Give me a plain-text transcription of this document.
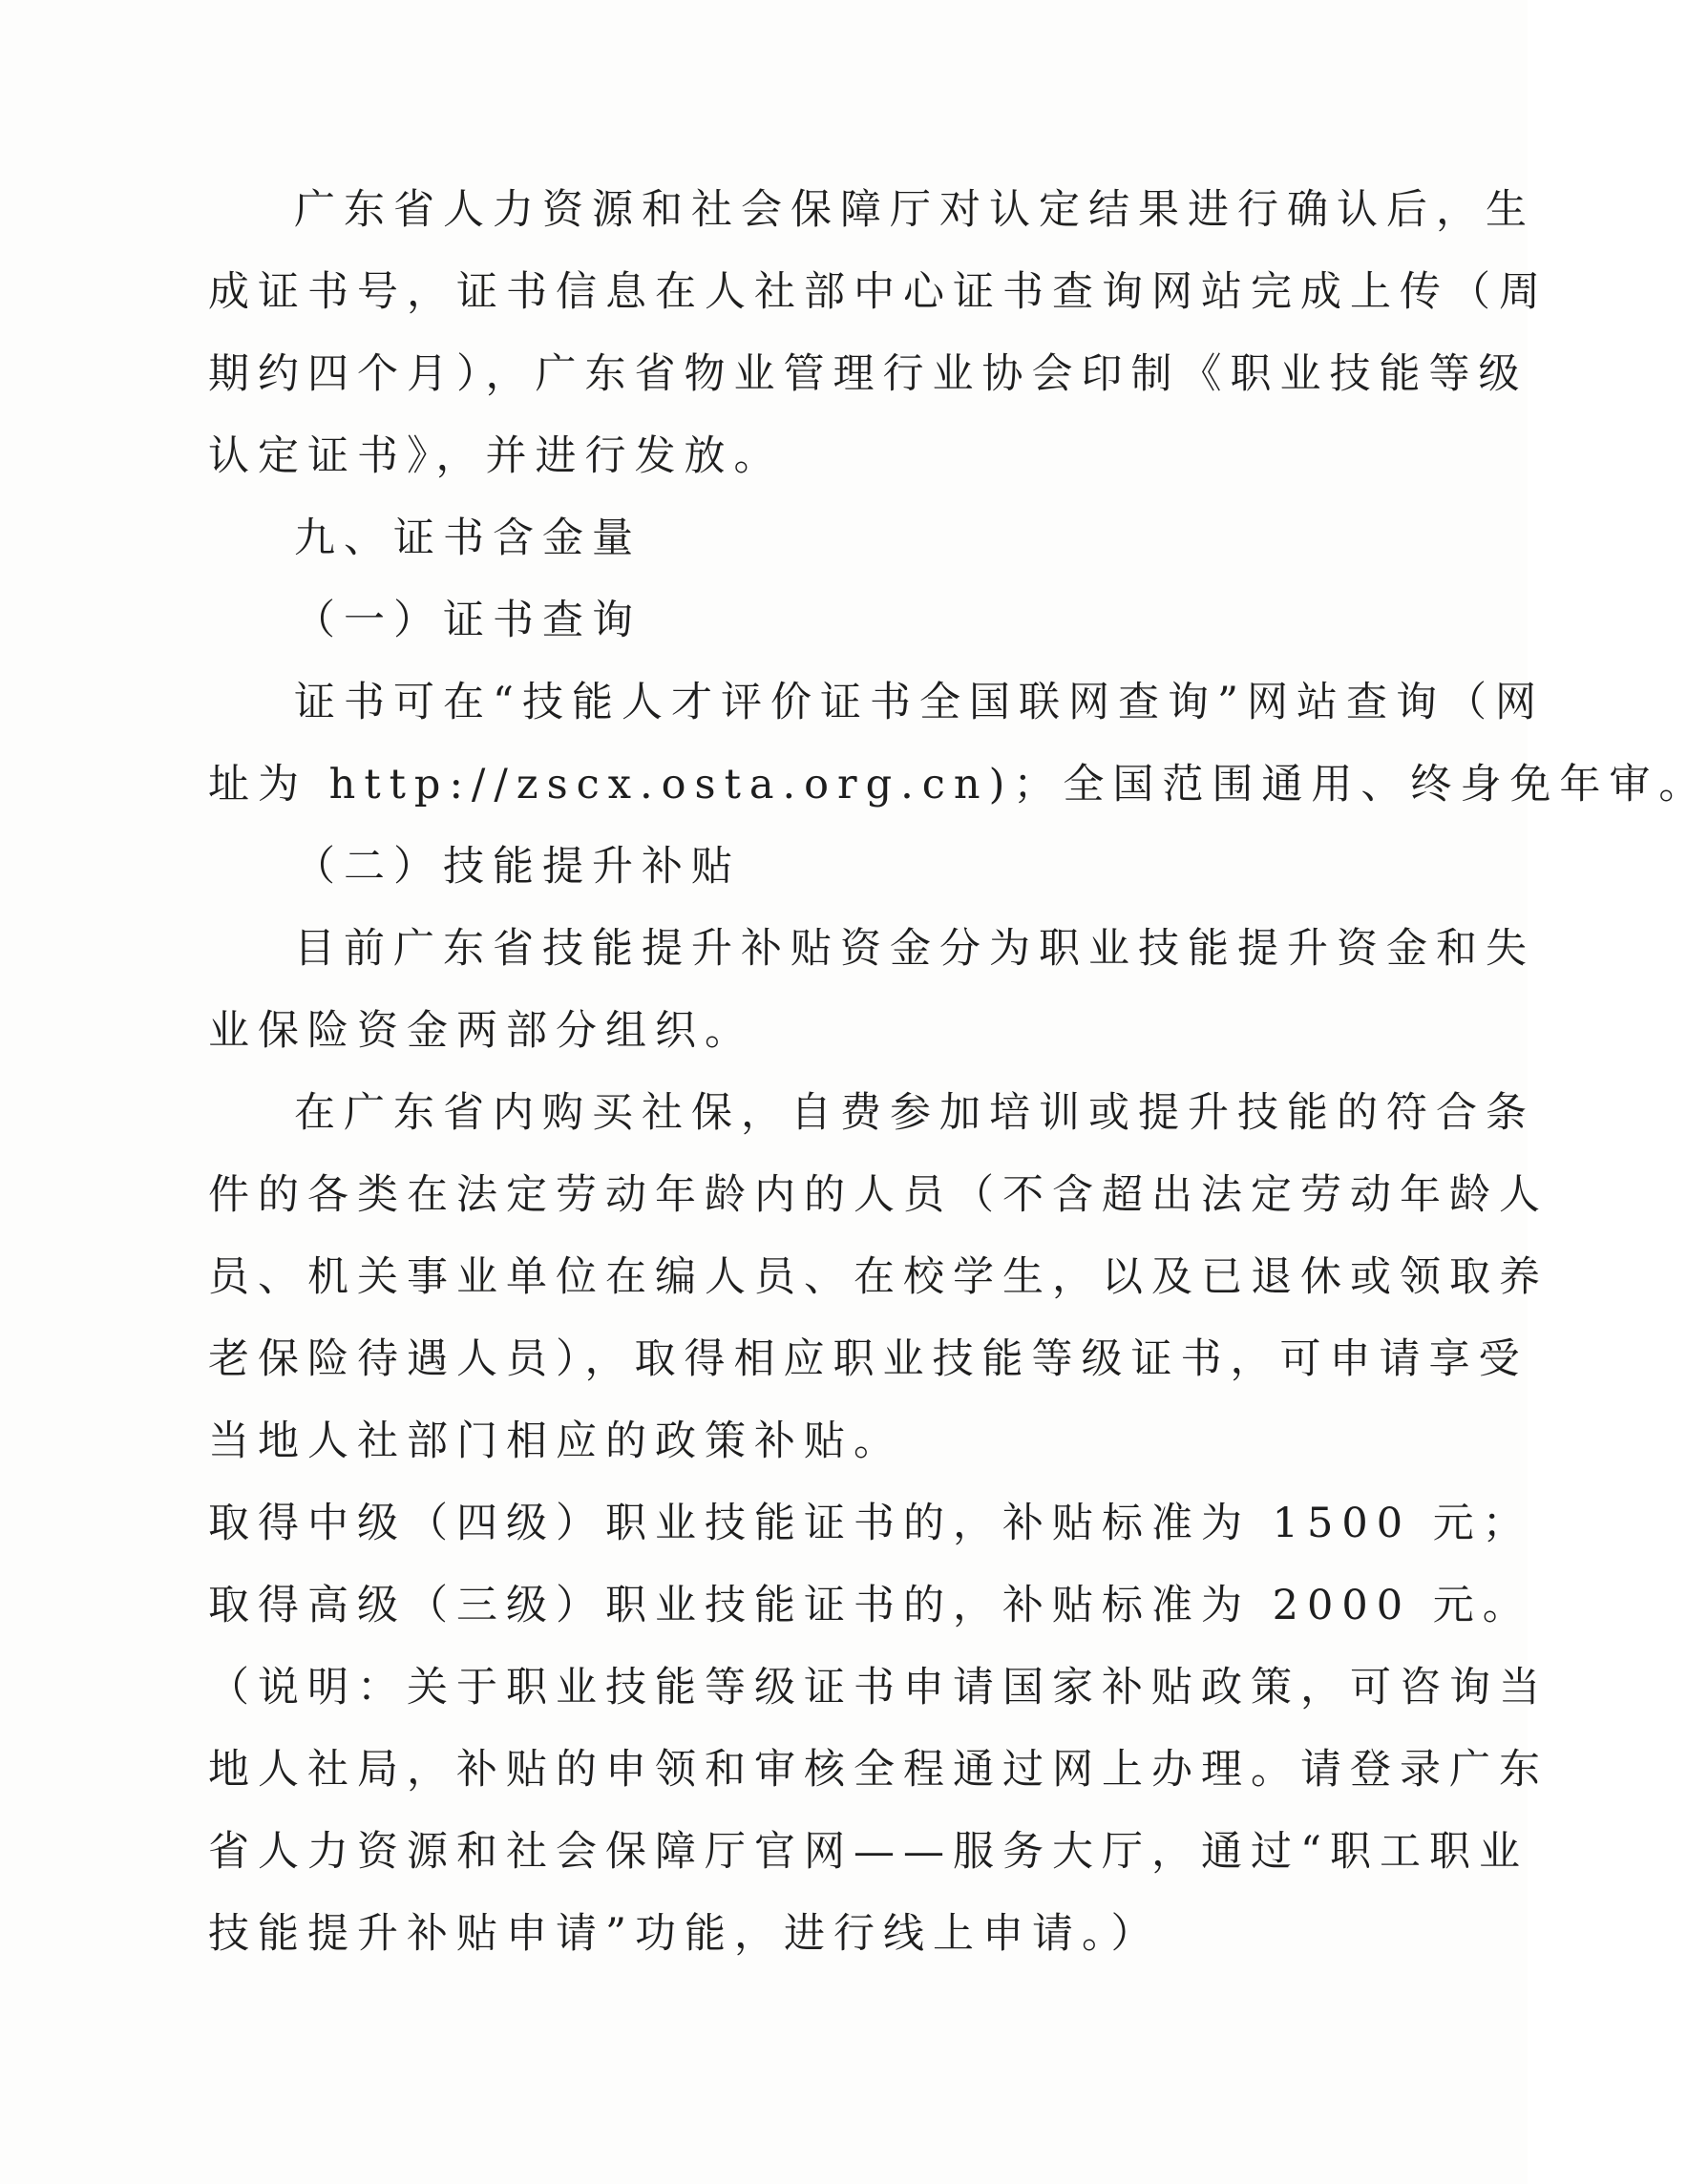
广东省人力资源和社会保障厅对认定结果进行确认后，生
成证书号，证书信息在人社部中心证书查询网站完成上传（周
期约四个月），广东省物业管理行业协会印制《职业技能等级
认定证书》，并进行发放。
九、证书含金量
（一）证书查询
证书可在“技能人才评价证书全国联网查询”网站查询（网
址为 http://zscx.osta.org.cn)；全国范围通用、终身免年审。
（二）技能提升补贴
目前广东省技能提升补贴资金分为职业技能提升资金和失
业保险资金两部分组织。
在广东省内购买社保，自费参加培训或提升技能的符合条
件的各类在法定劳动年龄内的人员（不含超出法定劳动年龄人
员、机关事业单位在编人员、在校学生，以及已退休或领取养
老保险待遇人员），取得相应职业技能等级证书，可申请享受
当地人社部门相应的政策补贴。
取得中级（四级）职业技能证书的，补贴标准为 1500 元；
取得高级（三级）职业技能证书的，补贴标准为 2000 元。
（说明：关于职业技能等级证书申请国家补贴政策，可咨询当
地人社局，补贴的申领和审核全程通过网上办理。请登录广东
省人力资源和社会保障厅官网——服务大厅，通过“职工职业
技能提升补贴申请”功能，进行线上申请。）
